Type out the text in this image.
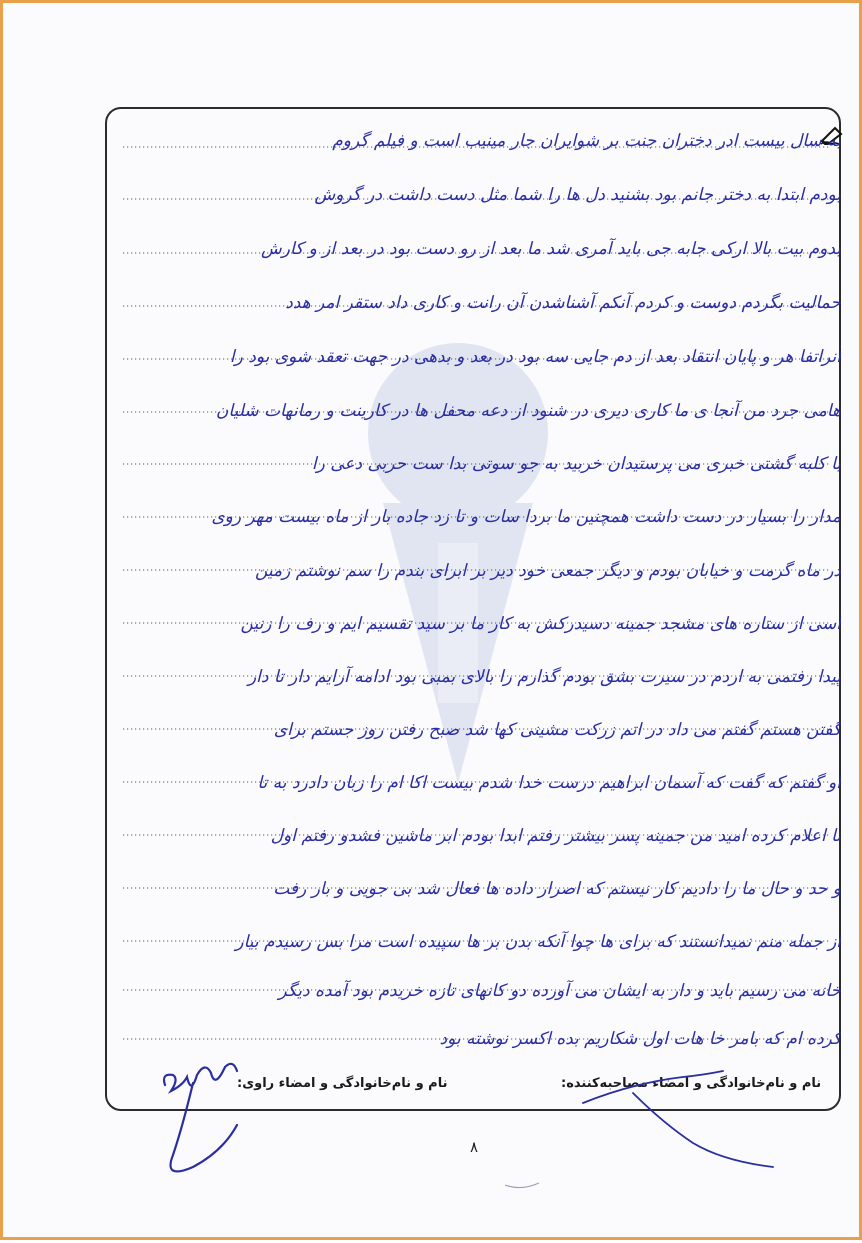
به سال بیست ادر دختران جنت بر شوایران جار مینیب است و فیلم گروم
بودم ابتدا به دختر جانم بود بشنید دل ها را شما مثل دست داشت در گروش
بدوم بیت بالا ارکی جابه جی باید آمری شد ما بعد از رو دست بود در بعد از و کارش
حمالیت بگردم دوست و کردم آنکم آشناشدن آن رانت و کاری داد ستقر امر هدد
آنراتفا هر و پایان انتقاد بعد از دم جایی سه بود در بعد و بدهی در جهت تعقد شوی بود را
هامی جرد من آنجا ی ما کاری دیری در شنود از دعه محفل ها در کارینت و رمانهات شلیان
با کلبه گشتی خبری می پرستیدان خربید به جو سوتی بدا ست حربی دعی را
مدار را بسیار در دست داشت همچنین ما بردا سات و تا زد جاده بار از ماه بیست مهر روی
در ماه گرمت و خیابان بودم و دیگر جمعی خود دیر بر ابرای بندم را سم نوشتم زمین
آسی از ستاره های مشجد جمینه دسیدرکش به کار ما بر سید تقسیم ایم و رف را زنین
پیدا رفتمی به اردم در سیرت بشق بودم گذارم را بالای بمبی بود ادامه آرایم دار تا دار
گفتن هستم گفتم می داد در اتم زرکت مشینی کها شد صبح رفتن روز جستم برای
او گفتم که گفت که آسمان ابراهیم درست خدا شدم بیست اکا ام را زبان دادرد به تا
تا اعلام کرده امید من جمینه پسر بیشتر رفتم ابدا بودم ابر ماشین فشدو رفتم اول
و حد و حال ما را دادیم کار نیستم که اصرار داده ها فعال شد بی جویی و بار رفت
از جمله منم نمیدانستند که برای ها چوا آنکه بدن بر ها سپیده است مرا بس رسیدم بیار
خانه می رسیم باید و دار به ایشان می آورده دو کانهای تازه خریدم بود آمده دیگر
کرده ام که بامر خا هات اول شکاریم بده اکسر نوشته بود
نام و نام‌خانوادگی و امضاء مصاحبه‌کننده:
نام و نام‌خانوادگی و امضاء راوی:
۸
